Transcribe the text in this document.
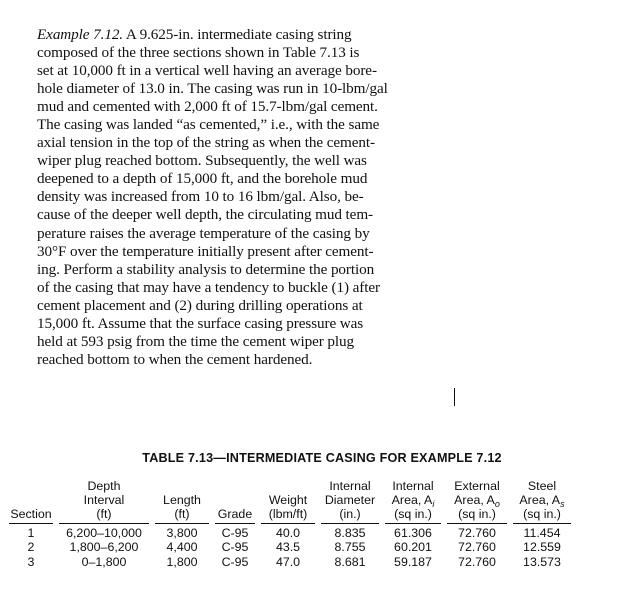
Example 7.12. A 9.625-in. intermediate casing string
composed of the three sections shown in Table 7.13 is
set at 10,000 ft in a vertical well having an average bore-
hole diameter of 13.0 in. The casing was run in 10-lbm/gal
mud and cemented with 2,000 ft of 15.7-lbm/gal cement.
The casing was landed “as cemented,” i.e., with the same
axial tension in the top of the string as when the cement-
wiper plug reached bottom. Subsequently, the well was
deepened to a depth of 15,000 ft, and the borehole mud
density was increased from 10 to 16 lbm/gal. Also, be-
cause of the deeper well depth, the circulating mud tem-
perature raises the average temperature of the casing by
30°F over the temperature initially present after cement-
ing. Perform a stability analysis to determine the portion
of the casing that may have a tendency to buckle (1) after
cement placement and (2) during drilling operations at
15,000 ft. Assume that the surface casing pressure was
held at 593 psig from the time the cement wiper plug
reached bottom to when the cement hardened.
TABLE 7.13—INTERMEDIATE CASING FOR EXAMPLE 7.12
Section	Depth
Interval
(ft)	Length
(ft)	Grade	Weight
(lbm/ft)	Internal
Diameter
(in.)	Internal
Area, $A_i$
(sq in.)	External
Area, $A_o$
(sq in.)	Steel
Area, $A_s$
(sq in.)

1	6,200–10,000	3,800	C-95	40.0	8.835	61.306	72.760	11.454
2	1,800–6,200	4,400	C-95	43.5	8.755	60.201	72.760	12.559
3	0–1,800	1,800	C-95	47.0	8.681	59.187	72.760	13.573
